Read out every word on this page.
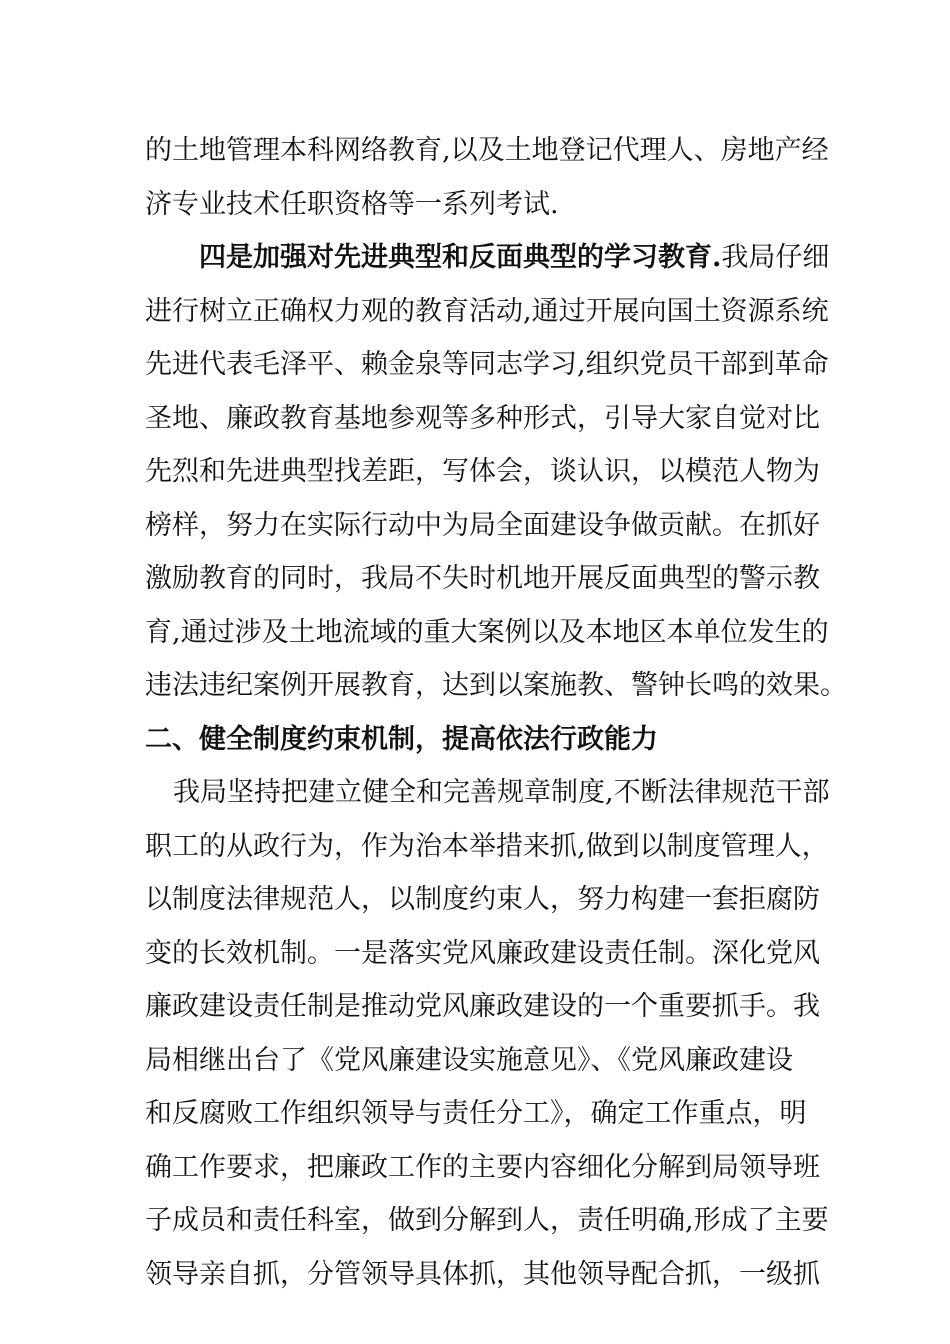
的土地管理本科网络教育,以及土地登记代理人、房地产经
济专业技术任职资格等一系列考试.
四是加强对先进典型和反面典型的学习教育.我局仔细
进行树立正确权力观的教育活动,通过开展向国土资源系统
先进代表毛泽平、赖金泉等同志学习,组织党员干部到革命
圣地、廉政教育基地参观等多种形式，引导大家自觉对比
先烈和先进典型找差距，写体会，谈认识，以模范人物为
榜样，努力在实际行动中为局全面建设争做贡献。在抓好
激励教育的同时，我局不失时机地开展反面典型的警示教
育,通过涉及土地流域的重大案例以及本地区本单位发生的
违法违纪案例开展教育，达到以案施教、警钟长鸣的效果。
二、健全制度约束机制，提高依法行政能力
我局坚持把建立健全和完善规章制度,不断法律规范干部
职工的从政行为，作为治本举措来抓,做到以制度管理人，
以制度法律规范人，以制度约束人，努力构建一套拒腐防
变的长效机制。一是落实党风廉政建设责任制。深化党风
廉政建设责任制是推动党风廉政建设的一个重要抓手。我
局相继出台了《党风廉建设实施意见》、《党风廉政建设
和反腐败工作组织领导与责任分工》，确定工作重点，明
确工作要求，把廉政工作的主要内容细化分解到局领导班
子成员和责任科室，做到分解到人，责任明确,形成了主要
领导亲自抓，分管领导具体抓，其他领导配合抓，一级抓
